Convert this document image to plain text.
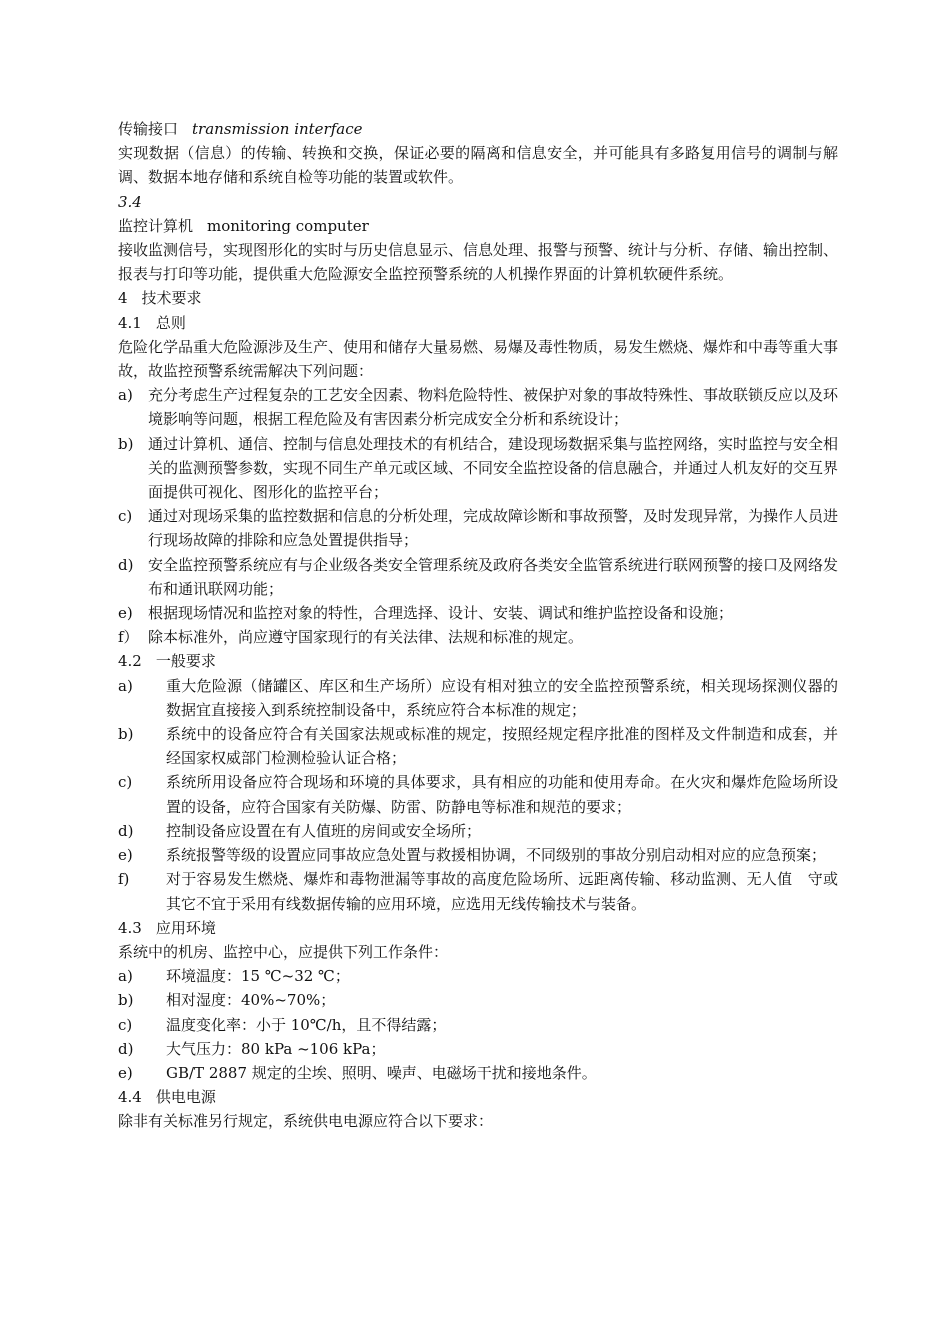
传输接口 transmission interface
实现数据（信息）的传输、转换和交换，保证必要的隔离和信息安全，并可能具有多路复用信号的调制与解调、数据本地存储和系统自检等功能的装置或软件。
3.4
监控计算机 monitoring computer
接收监测信号，实现图形化的实时与历史信息显示、信息处理、报警与预警、统计与分析、存储、输出控制、报表与打印等功能，提供重大危险源安全监控预警系统的人机操作界面的计算机软硬件系统。
4 技术要求
4.1 总则
危险化学品重大危险源涉及生产、使用和储存大量易燃、易爆及毒性物质，易发生燃烧、爆炸和中毒等重大事故，故监控预警系统需解决下列问题：
a)	充分考虑生产过程复杂的工艺安全因素、物料危险特性、被保护对象的事故特殊性、事故联锁反应以及环境影响等问题，根据工程危险及有害因素分析完成安全分析和系统设计；
b) 通过计算机、通信、控制与信息处理技术的有机结合，建设现场数据采集与监控网络，实时监控与安全相关的监测预警参数，实现不同生产单元或区域、不同安全监控设备的信息融合，并通过人机友好的交互界面提供可视化、图形化的监控平台；
c)	通过对现场采集的监控数据和信息的分析处理，完成故障诊断和事故预警，及时发现异常，为操作人员进行现场故障的排除和应急处置提供指导；
d) 安全监控预警系统应有与企业级各类安全管理系统及政府各类安全监管系统进行联网预警的接口及网络发布和通讯联网功能；
e)	根据现场情况和监控对象的特性，合理选择、设计、安装、调试和维护监控设备和设施；
f） 除本标准外，尚应遵守国家现行的有关法律、法规和标准的规定。
4.2 一般要求
a)	重大危险源（储罐区、库区和生产场所）应设有相对独立的安全监控预警系统，相关现场探测仪器的数据宜直接接入到系统控制设备中，系统应符合本标准的规定；
b)	系统中的设备应符合有关国家法规或标准的规定，按照经规定程序批准的图样及文件制造和成套，并经国家权威部门检测检验认证合格；
c)	系统所用设备应符合现场和环境的具体要求，具有相应的功能和使用寿命。在火灾和爆炸危险场所设置的设备，应符合国家有关防爆、防雷、防静电等标准和规范的要求；
d)	控制设备应设置在有人值班的房间或安全场所；
e)	系统报警等级的设置应同事故应急处置与救援相协调，不同级别的事故分别启动相对应的应急预案；
f)	对于容易发生燃烧、爆炸和毒物泄漏等事故的高度危险场所、远距离传输、移动监测、无人值　守或其它不宜于采用有线数据传输的应用环境，应选用无线传输技术与装备。
4.3 应用环境
系统中的机房、监控中心，应提供下列工作条件：
a)	环境温度：15 ℃~32 ℃；
b)	相对湿度：40%~70%；
c)	温度变化率：小于 10℃/h，且不得结露；
d)	大气压力：80 kPa ~106 kPa；
e)	GB/T 2887 规定的尘埃、照明、噪声、电磁场干扰和接地条件。
4.4 供电电源
除非有关标准另行规定，系统供电电源应符合以下要求：
